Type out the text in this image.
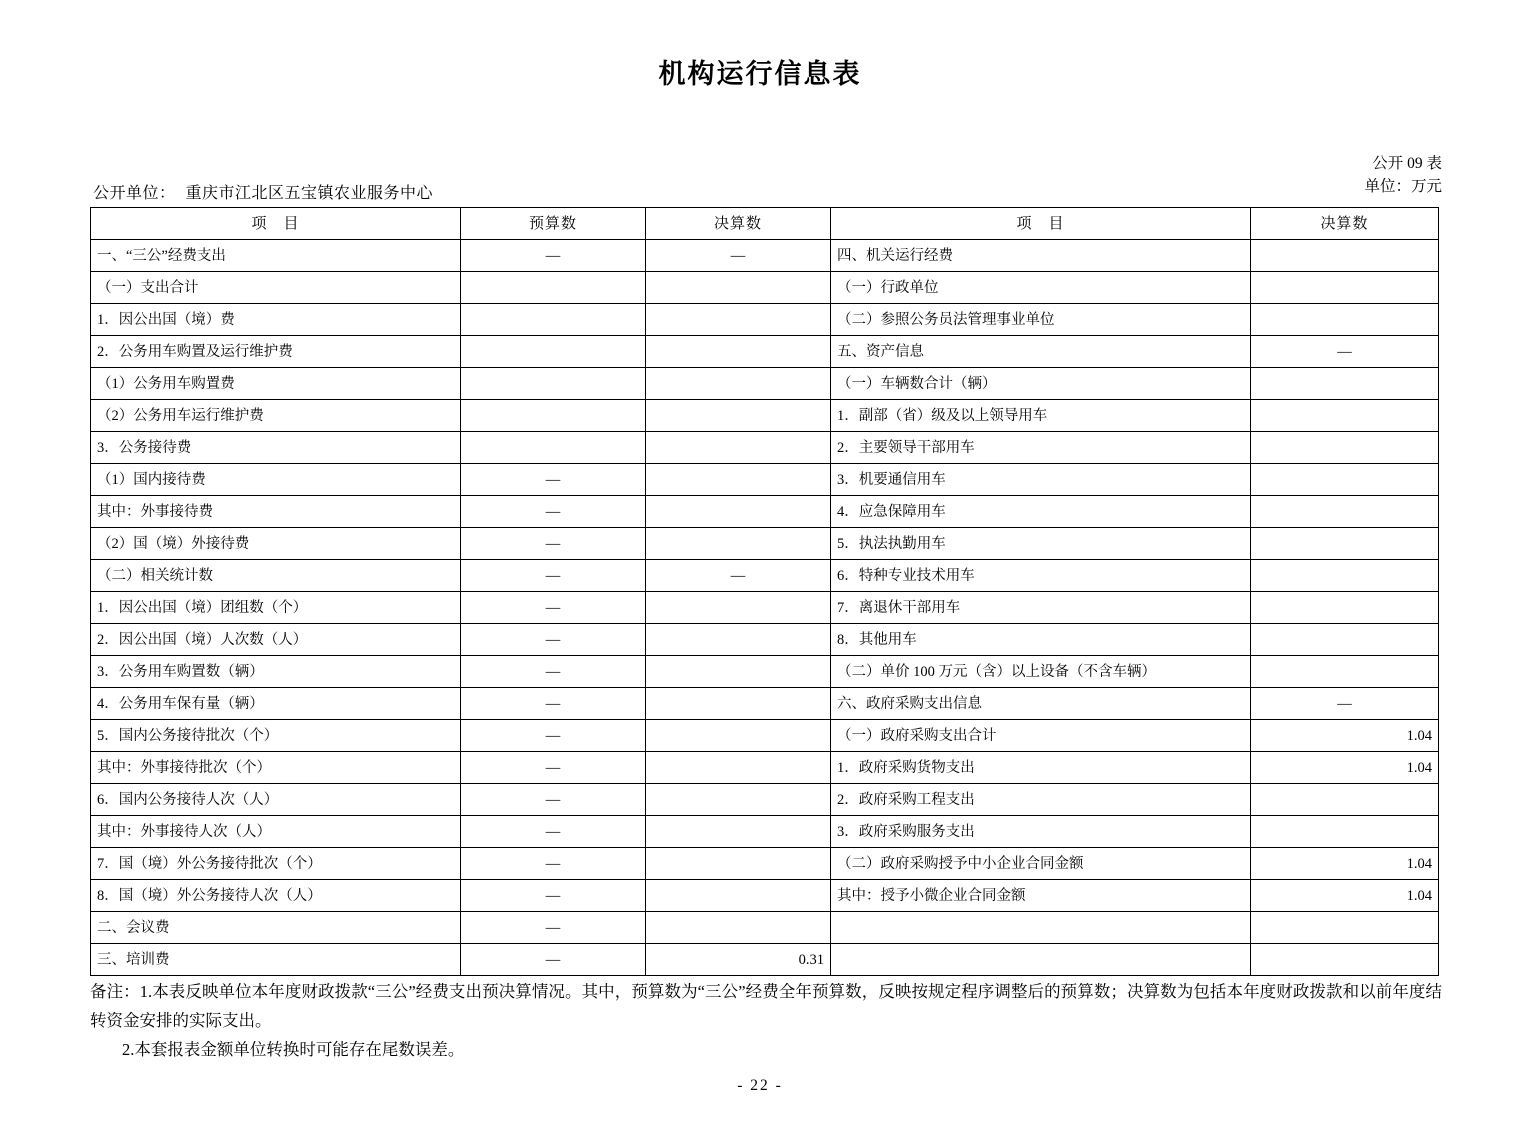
机构运行信息表
公开 09 表
单位：万元
公开单位： 重庆市江北区五宝镇农业服务中心
项　目	预算数	决算数	项　目	决算数
一、“三公”经费支出	—	—	四、机关运行经费	
（一）支出合计			（一）行政单位	
1．因公出国（境）费			（二）参照公务员法管理事业单位	
2．公务用车购置及运行维护费			五、资产信息	—
（1）公务用车购置费			（一）车辆数合计（辆）	
（2）公务用车运行维护费			1．副部（省）级及以上领导用车	
3．公务接待费			2．主要领导干部用车	
（1）国内接待费	—		3．机要通信用车	
其中：外事接待费	—		4．应急保障用车	
（2）国（境）外接待费	—		5．执法执勤用车	
（二）相关统计数	—	—	6．特种专业技术用车	
1．因公出国（境）团组数（个）	—		7．离退休干部用车	
2．因公出国（境）人次数（人）	—		8．其他用车	
3．公务用车购置数（辆）	—		（二）单价 100 万元（含）以上设备（不含车辆）	
4．公务用车保有量（辆）	—		六、政府采购支出信息	—
5．国内公务接待批次（个）	—		（一）政府采购支出合计	1.04
其中：外事接待批次（个）	—		1．政府采购货物支出	1.04
6．国内公务接待人次（人）	—		2．政府采购工程支出	
其中：外事接待人次（人）	—		3．政府采购服务支出	
7．国（境）外公务接待批次（个）	—		（二）政府采购授予中小企业合同金额	1.04
8．国（境）外公务接待人次（人）	—		其中：授予小微企业合同金额	1.04
二、会议费	—			
三、培训费	—	0.31		
备注：1.本表反映单位本年度财政拨款“三公”经费支出预决算情况。其中，预算数为“三公”经费全年预算数，反映按规定程序调整后的预算数；决算数为包括本年度财政拨款和以前年度结转资金安排的实际支出。
2.本套报表金额单位转换时可能存在尾数误差。
- 22 -
